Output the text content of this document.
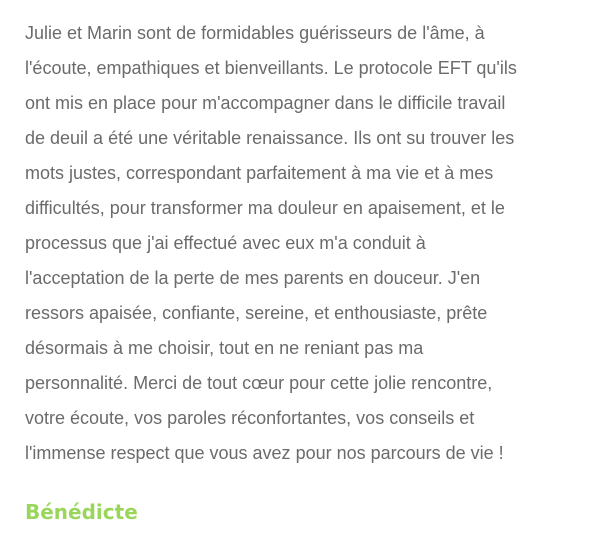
Julie et Marin sont de formidables guérisseurs de l'âme, à
l'écoute, empathiques et bienveillants. Le protocole EFT qu'ils
ont mis en place pour m'accompagner dans le difficile travail
de deuil a été une véritable renaissance. Ils ont su trouver les
mots justes, correspondant parfaitement à ma vie et à mes
difficultés, pour transformer ma douleur en apaisement, et le
processus que j'ai effectué avec eux m'a conduit à
l'acceptation de la perte de mes parents en douceur. J'en
ressors apaisée, confiante, sereine, et enthousiaste, prête
désormais à me choisir, tout en ne reniant pas ma
personnalité. Merci de tout cœur pour cette jolie rencontre,
votre écoute, vos paroles réconfortantes, vos conseils et
l'immense respect que vous avez pour nos parcours de vie !
Bénédicte
